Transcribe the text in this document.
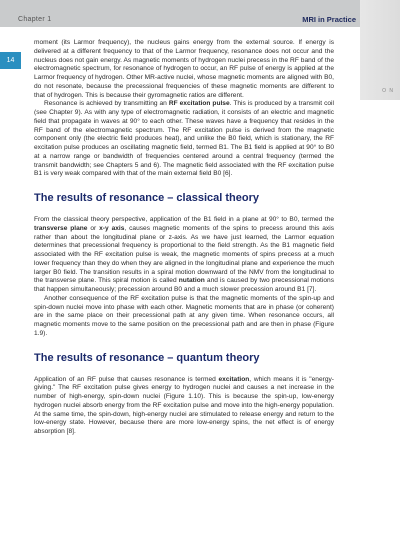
Chapter 1	MRI in Practice
O N
14

moment (its Larmor frequency), the nucleus gains energy from the external source. If energy is delivered at a different frequency to that of the Larmor frequency, resonance does not occur and the nucleus does not gain energy. As magnetic moments of hydrogen nuclei precess in the RF band of the electromagnetic spectrum, for resonance of hydrogen to occur, an RF pulse of energy is applied at the Larmor frequency of hydrogen. Other MR-active nuclei, whose magnetic moments are aligned with B0, do not resonate, because the precessional frequencies of these magnetic moments are different to that of hydrogen. This is because their gyromagnetic ratios are different.

Resonance is achieved by transmitting an RF excitation pulse. This is produced by a transmit coil (see Chapter 9). As with any type of electromagnetic radiation, it consists of an electric and magnetic field that propagate in waves at 90° to each other. These waves have a frequency that resides in the RF band of the electromagnetic spectrum. The RF excitation pulse is derived from the magnetic component only (the electric field produces heat), and unlike the B0 field, which is stationary, the RF excitation pulse produces an oscillating magnetic field, termed B1. The B1 field is applied at 90° to B0 at a narrow range or bandwidth of frequencies centered around a central frequency (termed the transmit bandwidth; see Chapters 5 and 6). The magnetic field associated with the RF excitation pulse B1 is very weak compared with that of the main external field B0 [6].

The results of resonance – classical theory

From the classical theory perspective, application of the B1 field in a plane at 90° to B0, termed the transverse plane or x-y axis, causes magnetic moments of the spins to precess around this axis rather than about the longitudinal plane or z-axis. As we have just learned, the Larmor equation determines that precessional frequency is proportional to the field strength. As the B1 magnetic field associated with the RF excitation pulse is weak, the magnetic moments of spins precess at a much lower frequency than they do when they are aligned in the longitudinal plane and experience the much larger B0 field. The transition results in a spiral motion downward of the NMV from the longitudinal to the transverse plane. This spiral motion is called nutation and is caused by two precessional motions that happen simultaneously; precession around B0 and a much slower precession around B1 [7].

Another consequence of the RF excitation pulse is that the magnetic moments of the spin-up and spin-down nuclei move into phase with each other. Magnetic moments that are in phase (or coherent) are in the same place on their precessional path at any given time. When resonance occurs, all magnetic moments move to the same position on the precessional path and are then in phase (Figure 1.9).

The results of resonance – quantum theory

Application of an RF pulse that causes resonance is termed excitation, which means it is "energy-giving." The RF excitation pulse gives energy to hydrogen nuclei and causes a net increase in the number of high-energy, spin-down nuclei (Figure 1.10). This is because the spin-up, low-energy hydrogen nuclei absorb energy from the RF excitation pulse and move into the high-energy population. At the same time, the spin-down, high-energy nuclei are stimulated to release energy and return to the low-energy state. However, because there are more low-energy spins, the net effect is of energy absorption [8].
